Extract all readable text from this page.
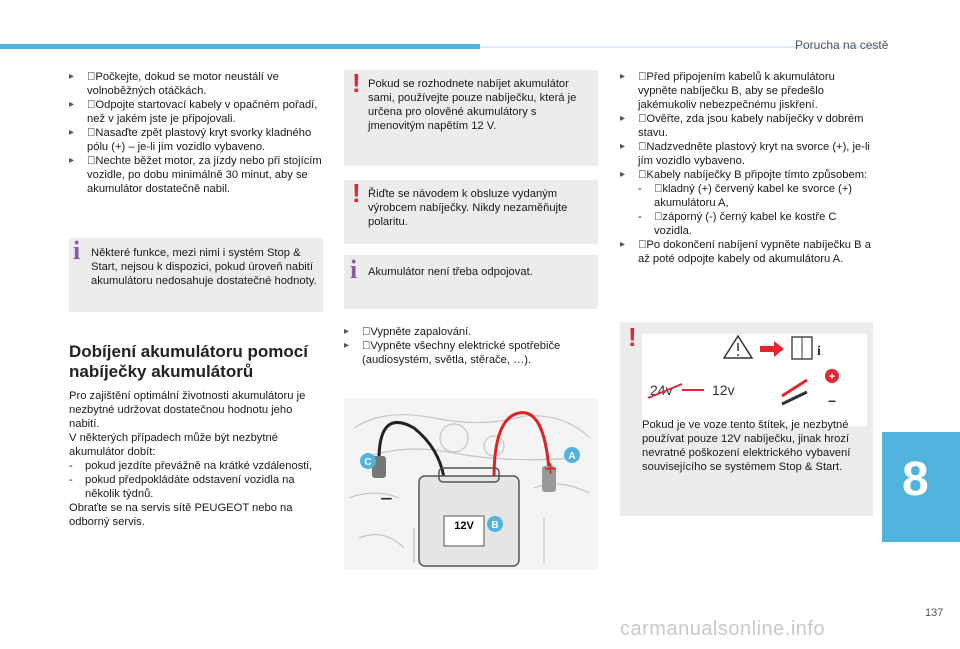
Porucha na cestě
▸ Počkejte, dokud se motor neustálí ve volnoběžných otáčkách.
▸ Odpojte startovací kabely v opačném pořadí, než v jakém jste je připojovali.
▸ Nasaďte zpět plastový kryt svorky kladného pólu (+) – je-li jím vozidlo vybaveno.
▸ Nechte běžet motor, za jízdy nebo při stojícím vozidle, po dobu minimálně 30 minut, aby se akumulátor dostatečně nabil.
i Některé funkce, mezi nimi i systém Stop & Start, nejsou k dispozici, pokud úroveň nabití akumulátoru nedosahuje dostatečné hodnoty.
Dobíjení akumulátoru pomocí nabíječky akumulátorů
Pro zajištění optimální životnosti akumulátoru je nezbytné udržovat dostatečnou hodnotu jeho nabití.
V některých případech může být nezbytné akumulátor dobít:
- pokud jezdíte převážně na krátké vzdálenosti,
- pokud předpokládáte odstavení vozidla na několik týdnů.
Obraťte se na servis sítě PEUGEOT nebo na odborný servis.
! Pokud se rozhodnete nabíjet akumulátor sami, používejte pouze nabíječku, která je určena pro olověné akumulátory s jmenovitým napětím 12 V.
! Řiďte se návodem k obsluze vydaným výrobcem nabíječky. Nikdy nezaměňujte polaritu.
i Akumulátor není třeba odpojovat.
▸ Vypněte zapalování.
▸ Vypněte všechny elektrické spotřebiče (audiosystém, světla, stěrače, …).
12V
−
+
C
A
B
▸ Před připojením kabelů k akumulátoru vypněte nabíječku B, aby se předešlo jakémukoliv nebezpečnému jiskření.
▸ Ověřte, zda jsou kabely nabíječky v dobrém stavu.
▸ Nadzvedněte plastový kryt na svorce (+), je-li jím vozidlo vybaveno.
▸ Kabely nabíječky B připojte tímto způsobem:
- kladný (+) červený kabel ke svorce (+) akumulátoru A,
- záporný (-) černý kabel ke kostře C vozidla.
▸ Po dokončení nabíjení vypněte nabíječku B a až poté odpojte kabely od akumulátoru A.
!	i
24v	12v
+
−
Pokud je ve voze tento štítek, je nezbytné používat pouze 12V nabíječku, jinak hrozí nevratné poškození elektrického vybavení souvisejícího se systémem Stop & Start.	8
137
carmanualsonline.info
